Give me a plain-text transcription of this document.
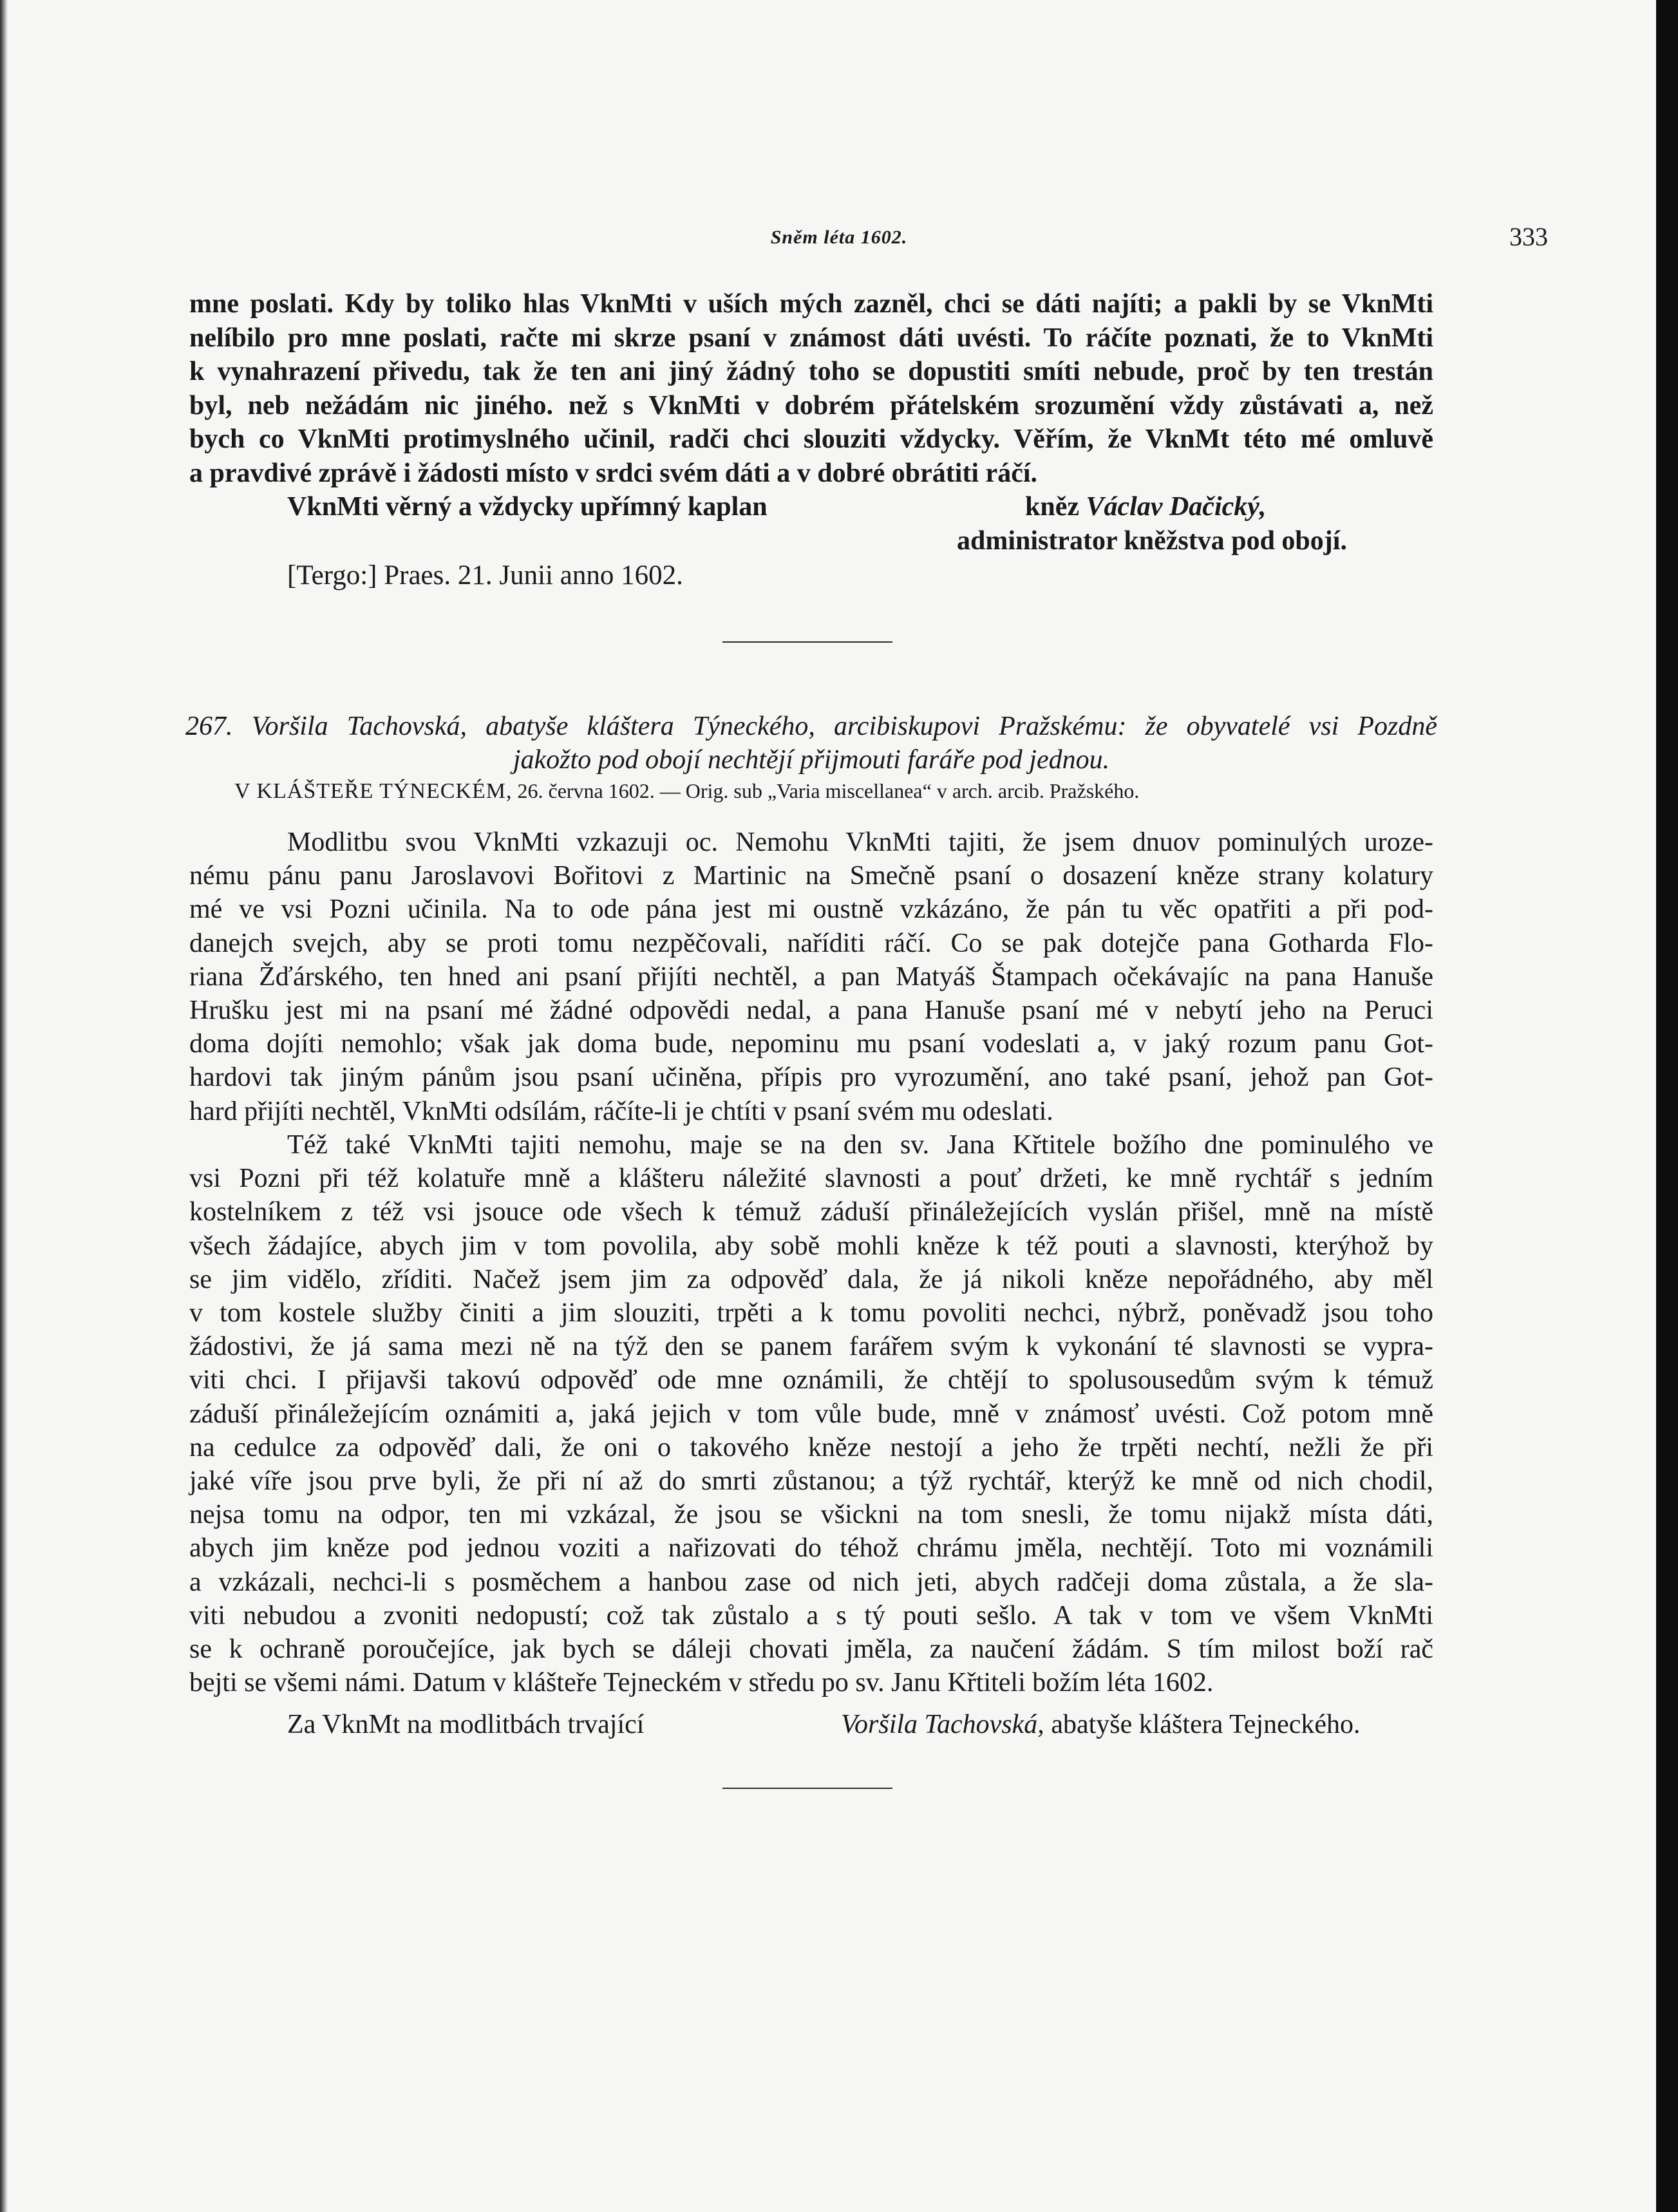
Sněm léta 1602.	333
mne poslati. Kdy by toliko hlas VknMti v uších mých zazněl, chci se dáti najíti; a pakli by se VknMti
nelíbilo pro mne poslati, račte mi skrze psaní v známost dáti uvésti. To ráčíte poznati, že to VknMti
k vynahrazení přivedu, tak že ten ani jiný žádný toho se dopustiti smíti nebude, proč by ten trestán
byl, neb nežádám nic jiného. než s VknMti v dobrém přátelském srozumění vždy zůstávati a, než
bych co VknMti protimyslného učinil, radči chci slouziti vždycky. Věřím, že VknMt této mé omluvě
a pravdivé zprávě i žádosti místo v srdci svém dáti a v dobré obrátiti ráčí.
VknMti věrný a vždycky upřímný kaplan	kněz Václav Dačický,
administrator kněžstva pod obojí.
[Tergo:] Praes. 21. Junii anno 1602.
267. Voršila Tachovská, abatyše kláštera Týneckého, arcibiskupovi Pražskému: že obyvatelé vsi Pozdně
jakožto pod obojí nechtějí přijmouti faráře pod jednou.
V KLÁŠTEŘE TÝNECKÉM, 26. června 1602. — Orig. sub „Varia miscellanea“ v arch. arcib. Pražského.
Modlitbu svou VknMti vzkazuji oc. Nemohu VknMti tajiti, že jsem dnuov pominulých uroze-
nému pánu panu Jaroslavovi Bořitovi z Martinic na Smečně psaní o dosazení kněze strany kolatury
mé ve vsi Pozni učinila. Na to ode pána jest mi oustně vzkázáno, že pán tu věc opatřiti a při pod-
danejch svejch, aby se proti tomu nezpěčovali, naříditi ráčí. Co se pak dotejče pana Gotharda Flo-
riana Žďárského, ten hned ani psaní přijíti nechtěl, a pan Matyáš Štampach očekávajíc na pana Hanuše
Hrušku jest mi na psaní mé žádné odpovědi nedal, a pana Hanuše psaní mé v nebytí jeho na Peruci
doma dojíti nemohlo; však jak doma bude, nepominu mu psaní vodeslati a, v jaký rozum panu Got-
hardovi tak jiným pánům jsou psaní učiněna, přípis pro vyrozumění, ano také psaní, jehož pan Got-
hard přijíti nechtěl, VknMti odsílám, ráčíte-li je chtíti v psaní svém mu odeslati.
Též také VknMti tajiti nemohu, maje se na den sv. Jana Křtitele božího dne pominulého ve
vsi Pozni při též kolatuře mně a klášteru náležité slavnosti a pouť držeti, ke mně rychtář s jedním
kostelníkem z též vsi jsouce ode všech k témuž záduší přináležejících vyslán přišel, mně na místě
všech žádajíce, abych jim v tom povolila, aby sobě mohli kněze k též pouti a slavnosti, kterýhož by
se jim vidělo, zříditi. Načež jsem jim za odpověď dala, že já nikoli kněze nepořádného, aby měl
v tom kostele služby činiti a jim slouziti, trpěti a k tomu povoliti nechci, nýbrž, poněvadž jsou toho
žádostivi, že já sama mezi ně na týž den se panem farářem svým k vykonání té slavnosti se vypra-
viti chci. I přijavši takovú odpověď ode mne oznámili, že chtějí to spolusousedům svým k témuž
záduší přináležejícím oznámiti a, jaká jejich v tom vůle bude, mně v známosť uvésti. Což potom mně
na cedulce za odpověď dali, že oni o takového kněze nestojí a jeho že trpěti nechtí, nežli že při
jaké víře jsou prve byli, že při ní až do smrti zůstanou; a týž rychtář, kterýž ke mně od nich chodil,
nejsa tomu na odpor, ten mi vzkázal, že jsou se všickni na tom snesli, že tomu nijakž místa dáti,
abych jim kněze pod jednou voziti a nařizovati do téhož chrámu jměla, nechtějí. Toto mi voznámili
a vzkázali, nechci-li s posměchem a hanbou zase od nich jeti, abych radčeji doma zůstala, a že sla-
viti nebudou a zvoniti nedopustí; což tak zůstalo a s tý pouti sešlo. A tak v tom ve všem VknMti
se k ochraně poroučejíce, jak bych se dáleji chovati jměla, za naučení žádám. S tím milost boží rač
bejti se všemi námi. Datum v klášteře Tejneckém v středu po sv. Janu Křtiteli božím léta 1602.
Za VknMt na modlitbách trvající	Voršila Tachovská, abatyše kláštera Tejneckého.
